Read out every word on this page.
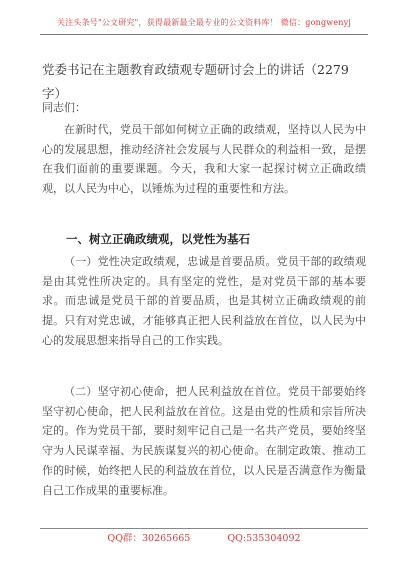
关注头条号"公文研究"，获得最新最全最专业的公文资料库！ 微信：gongwenyj
党委书记在主题教育政绩观专题研讨会上的讲话（2279字）
同志们：

在新时代，党员干部如何树立正确的政绩观，坚持以人民为中心的发展思想，推动经济社会发展与人民群众的利益相一致，是摆在我们面前的重要课题。今天，我和大家一起探讨树立正确政绩观，以人民为中心，以锤炼为过程的重要性和方法。

一、树立正确政绩观，以党性为基石

（一）党性决定政绩观，忠诚是首要品质。党员干部的政绩观是由其党性所决定的。具有坚定的党性，是对党员干部的基本要求。而忠诚是党员干部的首要品质，也是其树立正确政绩观的前提。只有对党忠诚，才能够真正把人民利益放在首位，以人民为中心的发展思想来指导自己的工作实践。

（二）坚守初心使命，把人民利益放在首位。党员干部要始终坚守初心使命，把人民利益放在首位。这是由党的性质和宗旨所决定的。作为党员干部，要时刻牢记自己是一名共产党员，要始终坚守为人民谋幸福、为民族谋复兴的初心使命。在制定政策、推动工作的时候，始终把人民的利益放在首位，以人民是否满意作为衡量自己工作成果的重要标准。

QQ群：30265665	QQ:535304092
